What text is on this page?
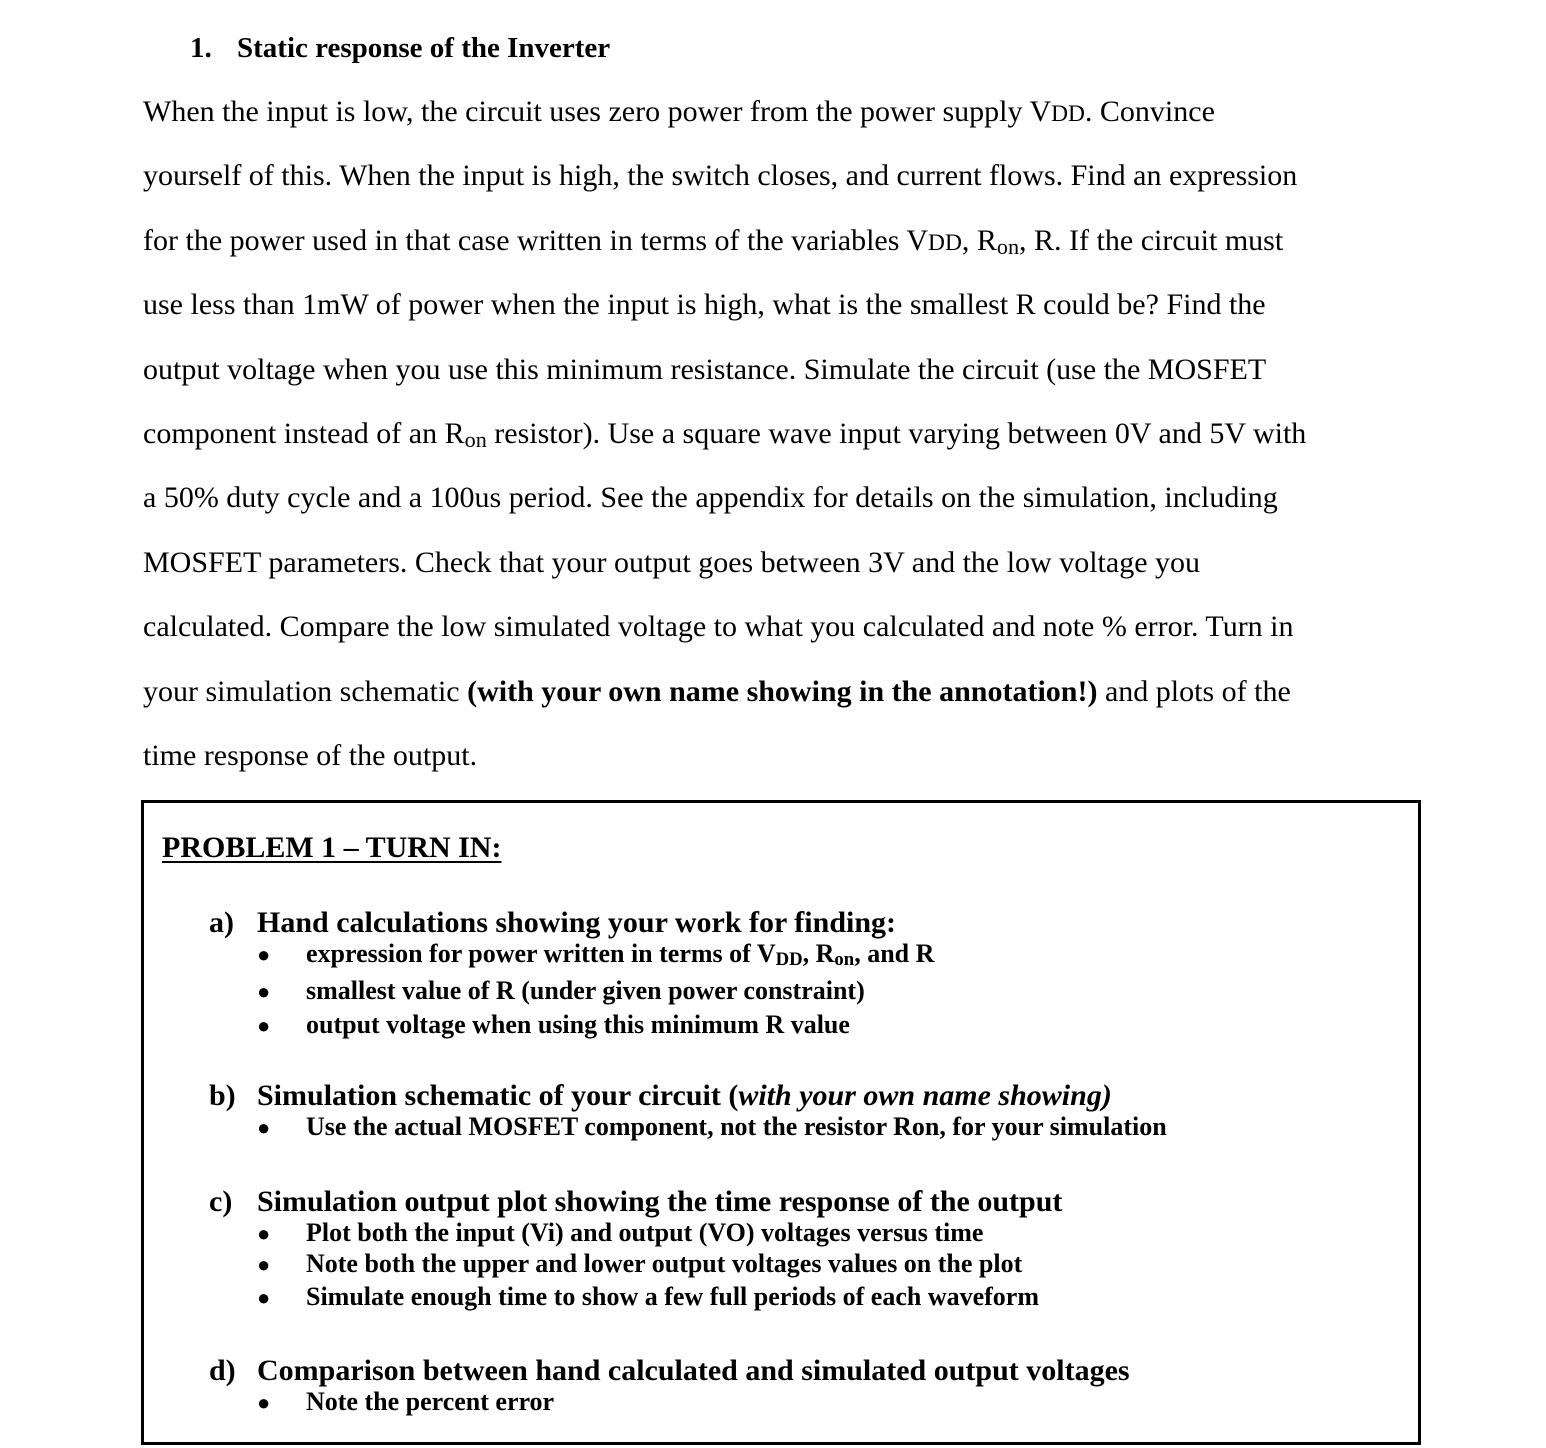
1. Static response of the Inverter
When the input is low, the circuit uses zero power from the power supply VDD. Convince
yourself of this. When the input is high, the switch closes, and current flows. Find an expression
for the power used in that case written in terms of the variables VDD, Ron, R. If the circuit must
use less than 1mW of power when the input is high, what is the smallest R could be? Find the
output voltage when you use this minimum resistance. Simulate the circuit (use the MOSFET
component instead of an Ron resistor). Use a square wave input varying between 0V and 5V with
a 50% duty cycle and a 100us period. See the appendix for details on the simulation, including
MOSFET parameters. Check that your output goes between 3V and the low voltage you
calculated. Compare the low simulated voltage to what you calculated and note % error. Turn in
your simulation schematic (with your own name showing in the annotation!) and plots of the
time response of the output.
PROBLEM 1 – TURN IN:
a) Hand calculations showing your work for finding:
● expression for power written in terms of VDD, Ron, and R
● smallest value of R (under given power constraint)
● output voltage when using this minimum R value
b) Simulation schematic of your circuit (with your own name showing)
● Use the actual MOSFET component, not the resistor Ron, for your simulation
c) Simulation output plot showing the time response of the output
● Plot both the input (Vi) and output (VO) voltages versus time
● Note both the upper and lower output voltages values on the plot
● Simulate enough time to show a few full periods of each waveform
d) Comparison between hand calculated and simulated output voltages
● Note the percent error
